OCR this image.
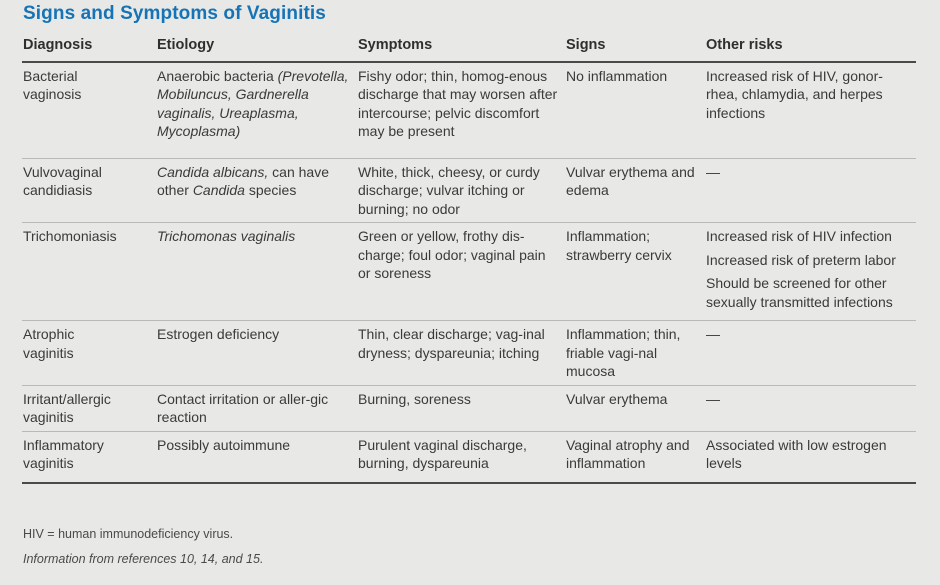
Signs and Symptoms of Vaginitis
Diagnosis	Etiology	Symptoms	Signs	Other risks
Bacterial
vaginosis	Anaerobic bacteria (Prevotella, Mobiluncus, Gardnerella vaginalis, Ureaplasma, Mycoplasma)	Fishy odor; thin, homog-enous discharge that may worsen after intercourse; pelvic discomfort may be present	No inflammation	Increased risk of HIV, gonor-rhea, chlamydia, and herpes infections

Vulvovaginal
candidiasis	Candida albicans, can have other Candida species	White, thick, cheesy, or curdy discharge; vulvar itching or burning; no odor	Vulvar erythema and edema	—

Trichomoniasis	Trichomonas vaginalis	Green or yellow, frothy dis-charge; foul odor; vaginal pain or soreness	Inflammation; strawberry cervix	Increased risk of HIV infection
Increased risk of preterm labor
Should be screened for other sexually transmitted infections

Atrophic
vaginitis	Estrogen deficiency	Thin, clear discharge; vag-inal dryness; dyspareunia; itching	Inflammation; thin, friable vagi-nal mucosa	—

Irritant/allergic
vaginitis	Contact irritation or aller-gic reaction	Burning, soreness	Vulvar erythema	—

Inflammatory
vaginitis	Possibly autoimmune	Purulent vaginal discharge, burning, dyspareunia	Vaginal atrophy and inflammation	Associated with low estrogen levels
HIV = human immunodeficiency virus.
Information from references 10, 14, and 15.
